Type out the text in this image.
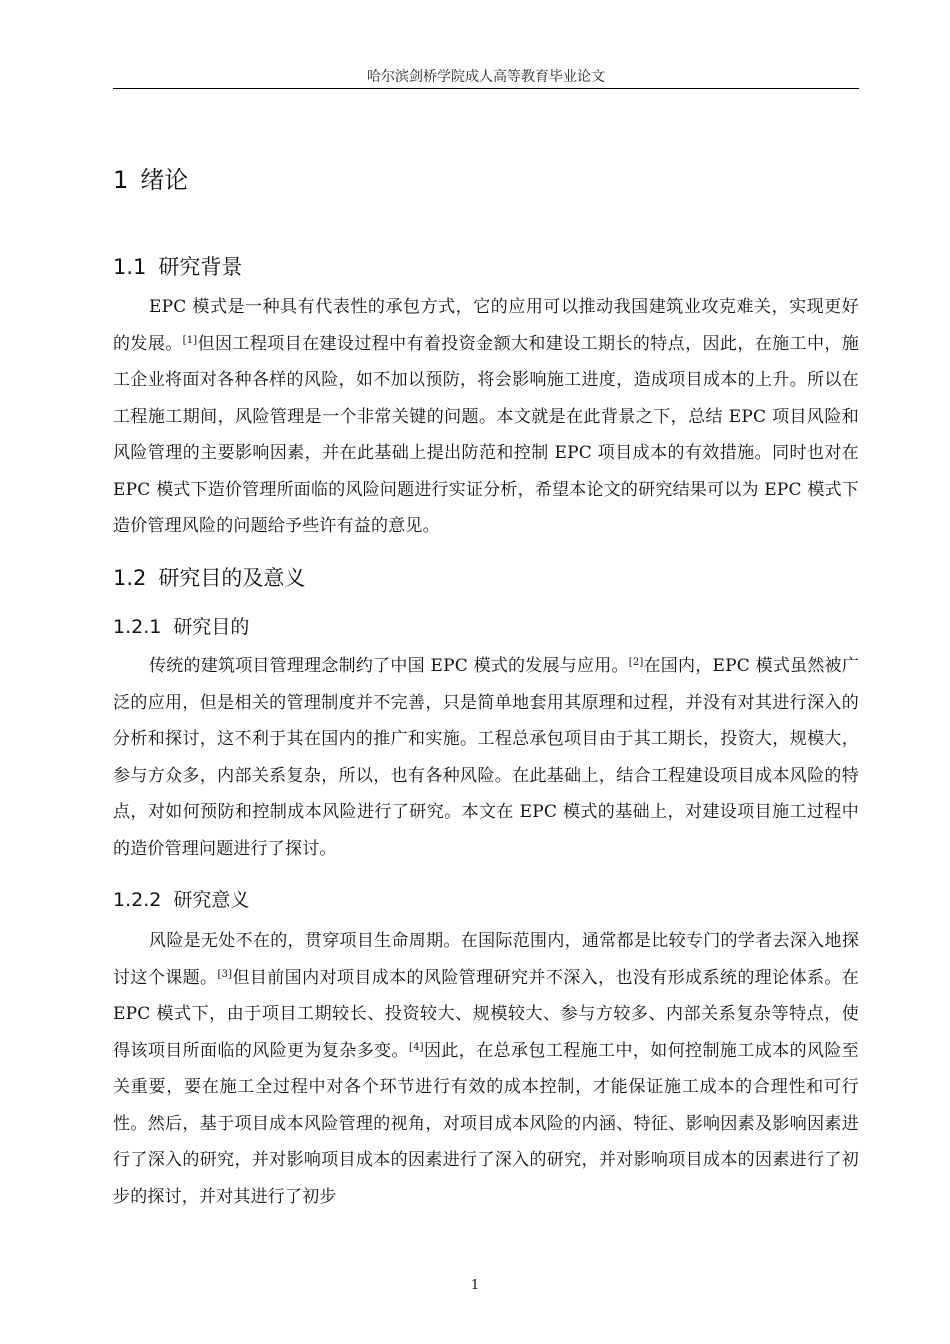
哈尔滨剑桥学院成人高等教育毕业论文
1 绪论
1.1 研究背景

EPC 模式是一种具有代表性的承包方式，它的应用可以推动我国建筑业攻克难关，实现更好的发展。[1]但因工程项目在建设过程中有着投资金额大和建设工期长的特点，因此，在施工中，施工企业将面对各种各样的风险，如不加以预防，将会影响施工进度，造成项目成本的上升。所以在工程施工期间，风险管理是一个非常关键的问题。本文就是在此背景之下，总结 EPC 项目风险和风险管理的主要影响因素，并在此基础上提出防范和控制 EPC 项目成本的有效措施。同时也对在 EPC 模式下造价管理所面临的风险问题进行实证分析，希望本论文的研究结果可以为 EPC 模式下造价管理风险的问题给予些许有益的意见。

1.2 研究目的及意义
1.2.1 研究目的

传统的建筑项目管理理念制约了中国 EPC 模式的发展与应用。[2]在国内，EPC 模式虽然被广泛的应用，但是相关的管理制度并不完善，只是简单地套用其原理和过程，并没有对其进行深入的分析和探讨，这不利于其在国内的推广和实施。工程总承包项目由于其工期长，投资大，规模大，参与方众多，内部关系复杂，所以，也有各种风险。在此基础上，结合工程建设项目成本风险的特点，对如何预防和控制成本风险进行了研究。本文在 EPC 模式的基础上，对建设项目施工过程中的造价管理问题进行了探讨。

1.2.2 研究意义

风险是无处不在的，贯穿项目生命周期。在国际范围内，通常都是比较专门的学者去深入地探讨这个课题。[3]但目前国内对项目成本的风险管理研究并不深入，也没有形成系统的理论体系。在 EPC 模式下，由于项目工期较长、投资较大、规模较大、参与方较多、内部关系复杂等特点，使得该项目所面临的风险更为复杂多变。[4]因此，在总承包工程施工中，如何控制施工成本的风险至关重要，要在施工全过程中对各个环节进行有效的成本控制，才能保证施工成本的合理性和可行性。然后，基于项目成本风险管理的视角，对项目成本风险的内涵、特征、影响因素及影响因素进行了深入的研究，并对影响项目成本的因素进行了深入的研究，并对影响项目成本的因素进行了初步的探讨，并对其进行了初步

1
